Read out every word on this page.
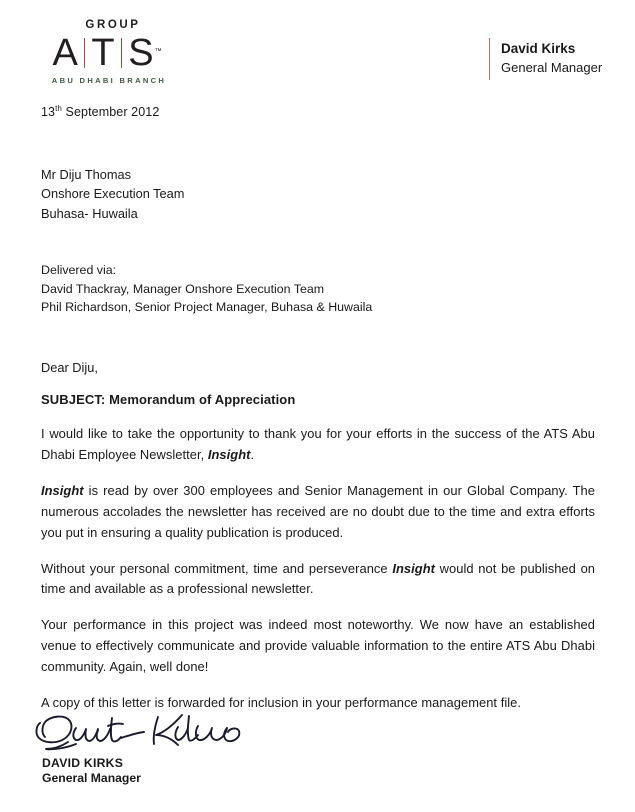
GROUP
A T S ™
ABU DHABI BRANCH
David Kirks
General Manager
13th September 2012
Mr Diju Thomas
Onshore Execution Team
Buhasa- Huwaila
Delivered via:
David Thackray, Manager Onshore Execution Team
Phil Richardson, Senior Project Manager, Buhasa & Huwaila
Dear Diju,
SUBJECT: Memorandum of Appreciation

I would like to take the opportunity to thank you for your efforts in the success of the ATS Abu Dhabi Employee Newsletter, Insight.

Insight is read by over 300 employees and Senior Management in our Global Company. The numerous accolades the newsletter has received are no doubt due to the time and extra efforts you put in ensuring a quality publication is produced.

Without your personal commitment, time and perseverance Insight would not be published on time and available as a professional newsletter.

Your performance in this project was indeed most noteworthy. We now have an established venue to effectively communicate and provide valuable information to the entire ATS Abu Dhabi community. Again, well done!

A copy of this letter is forwarded for inclusion in your performance management file.

DAVID KIRKS
General Manager
